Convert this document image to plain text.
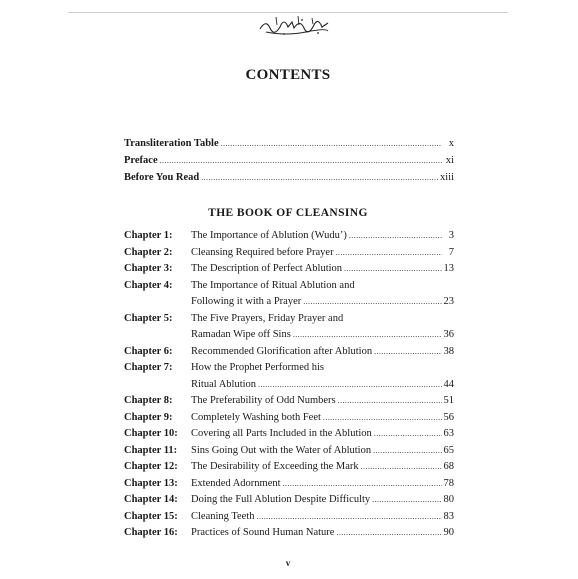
CONTENTS
Transliteration Table .....	x
Preface .....	xi
Before You Read .....	xiii
THE BOOK OF CLEANSING
Chapter 1:	The Importance of Ablution (Wudu’) .....	3
Chapter 2:	Cleansing Required before Prayer .....	7
Chapter 3:	The Description of Perfect Ablution .....	13
Chapter 4:	The Importance of Ritual Ablution and
Following it with a Prayer .....	23
Chapter 5:	The Five Prayers, Friday Prayer and
Ramadan Wipe off Sins .....	36
Chapter 6:	Recommended Glorification after Ablution .....	38
Chapter 7:	How the Prophet Performed his
Ritual Ablution .....	44
Chapter 8:	The Preferability of Odd Numbers .....	51
Chapter 9:	Completely Washing both Feet .....	56
Chapter 10:	Covering all Parts Included in the Ablution .....	63
Chapter 11:	Sins Going Out with the Water of Ablution .....	65
Chapter 12:	The Desirability of Exceeding the Mark .....	68
Chapter 13:	Extended Adornment .....	78
Chapter 14:	Doing the Full Ablution Despite Difficulty .....	80
Chapter 15:	Cleaning Teeth .....	83
Chapter 16:	Practices of Sound Human Nature .....	90
v
